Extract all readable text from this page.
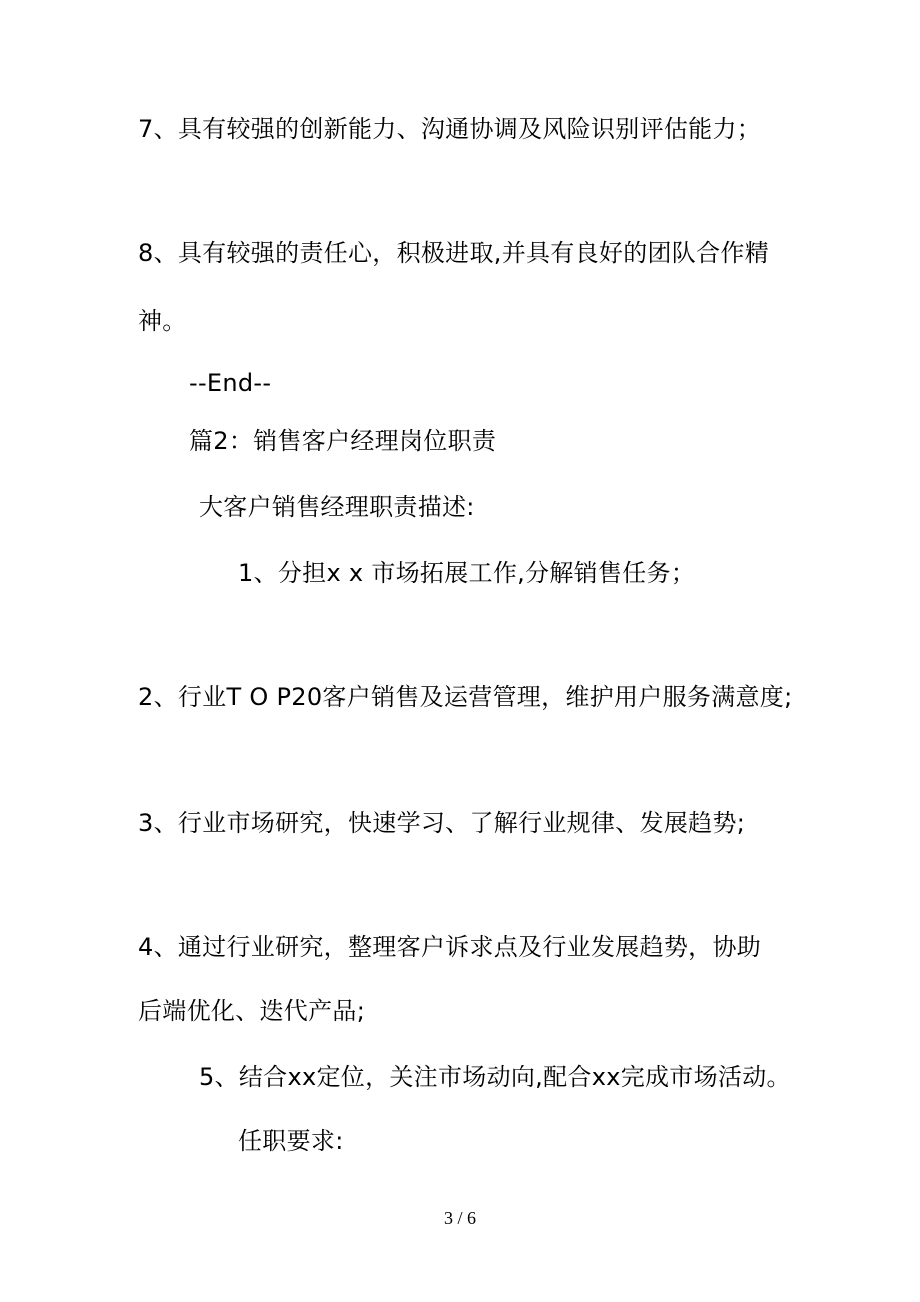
7、具有较强的创新能力、沟通协调及风险识别评估能力；
8、具有较强的责任心，积极进取,并具有良好的团队合作精
神。
--End--
篇2：销售客户经理岗位职责
大客户销售经理职责描述:
1、分担x x 市场拓展工作,分解销售任务；
2、行业T O P20客户销售及运营管理，维护用户服务满意度;
3、行业市场研究，快速学习、了解行业规律、发展趋势;
4、通过行业研究，整理客户诉求点及行业发展趋势，协助
后端优化、迭代产品;
5、结合xx定位，关注市场动向,配合xx完成市场活动。
任职要求:
3 / 6
